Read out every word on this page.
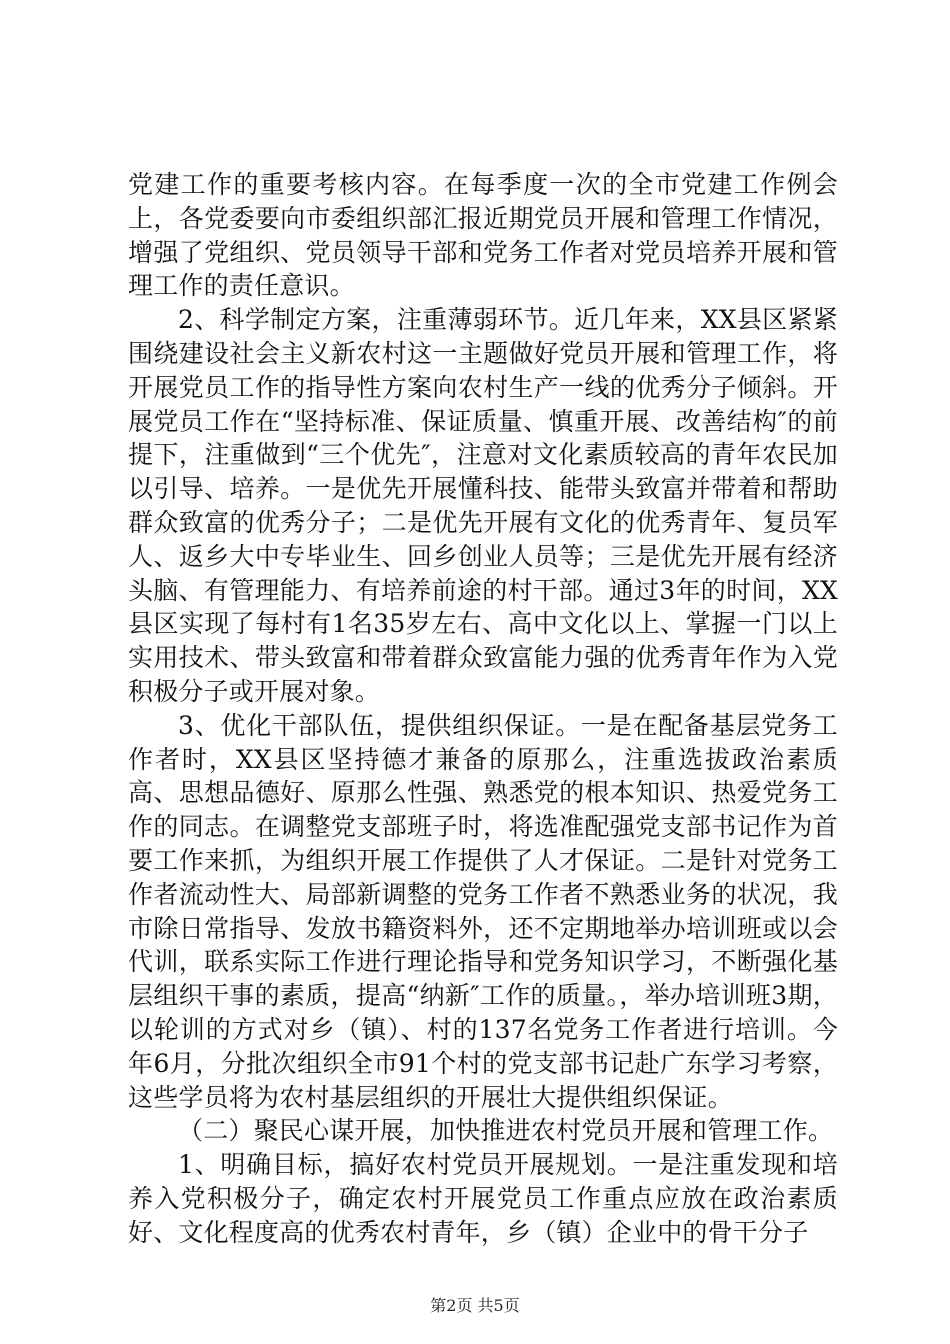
党建工作的重要考核内容。在每季度一次的全市党建工作例会上，各党委要向市委组织部汇报近期党员开展和管理工作情况，增强了党组织、党员领导干部和党务工作者对党员培养开展和管理工作的责任意识。

2、科学制定方案，注重薄弱环节。近几年来，XX县区紧紧围绕建设社会主义新农村这一主题做好党员开展和管理工作，将开展党员工作的指导性方案向农村生产一线的优秀分子倾斜。开展党员工作在“坚持标准、保证质量、慎重开展、改善结构″的前提下，注重做到“三个优先″，注意对文化素质较高的青年农民加以引导、培养。一是优先开展懂科技、能带头致富并带着和帮助群众致富的优秀分子；二是优先开展有文化的优秀青年、复员军人、返乡大中专毕业生、回乡创业人员等；三是优先开展有经济头脑、有管理能力、有培养前途的村干部。通过3年的时间，XX县区实现了每村有1名35岁左右、高中文化以上、掌握一门以上实用技术、带头致富和带着群众致富能力强的优秀青年作为入党积极分子或开展对象。

3、优化干部队伍，提供组织保证。一是在配备基层党务工作者时，XX县区坚持德才兼备的原那么，注重选拔政治素质高、思想品德好、原那么性强、熟悉党的根本知识、热爱党务工作的同志。在调整党支部班子时，将选准配强党支部书记作为首要工作来抓，为组织开展工作提供了人才保证。二是针对党务工作者流动性大、局部新调整的党务工作者不熟悉业务的状况，我市除日常指导、发放书籍资料外，还不定期地举办培训班或以会代训，联系实际工作进行理论指导和党务知识学习，不断强化基层组织干事的素质，提高“纳新″工作的质量。，举办培训班3期，以轮训的方式对乡（镇）、村的137名党务工作者进行培训。今年6月，分批次组织全市91个村的党支部书记赴广东学习考察，这些学员将为农村基层组织的开展壮大提供组织保证。

（二）聚民心谋开展，加快推进农村党员开展和管理工作。

1、明确目标，搞好农村党员开展规划。一是注重发现和培养入党积极分子，确定农村开展党员工作重点应放在政治素质好、文化程度高的优秀农村青年，乡（镇）企业中的骨干分子

第2页 共5页
